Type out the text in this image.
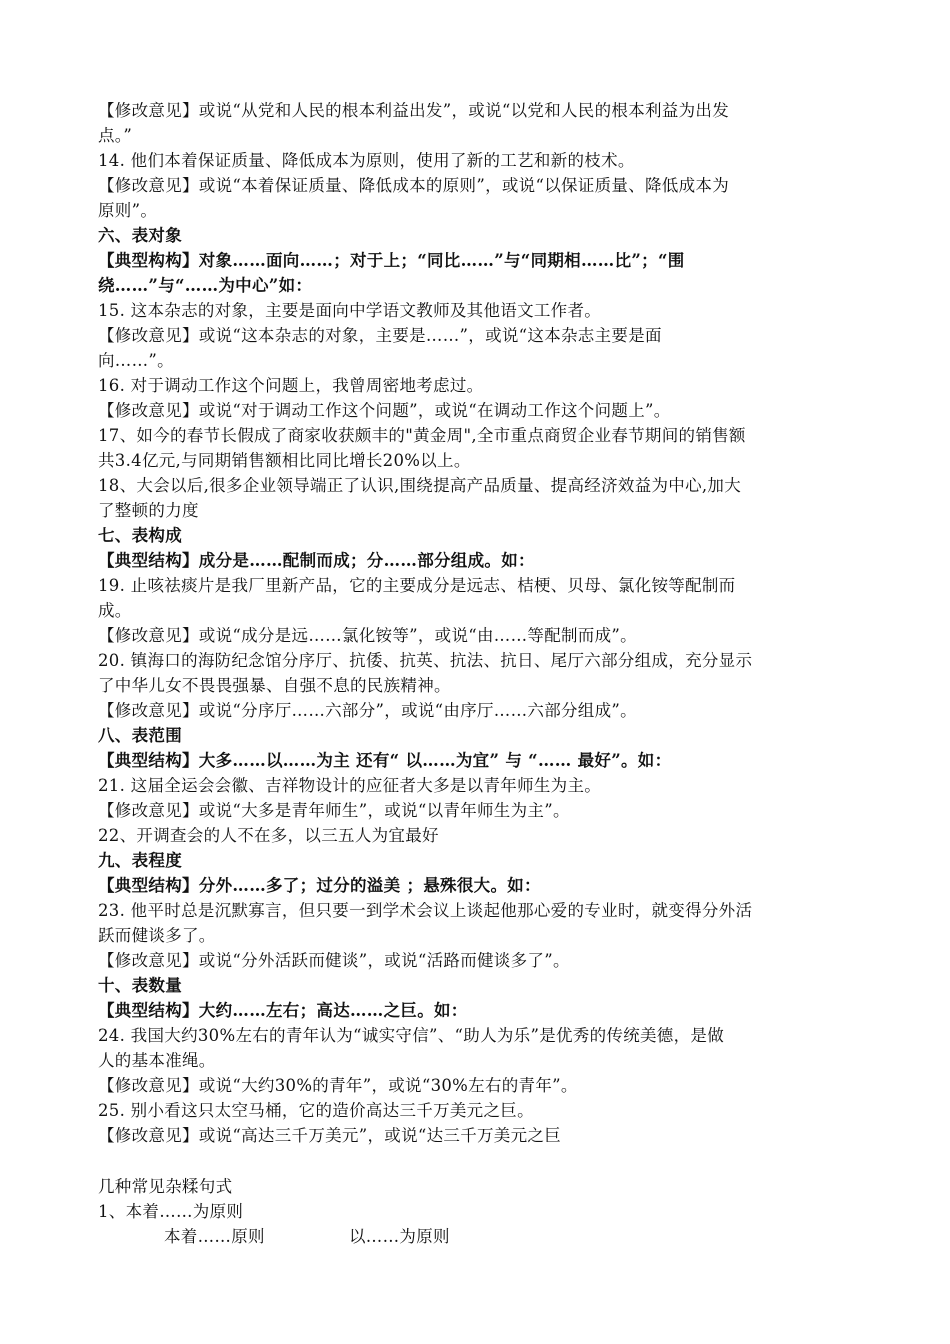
【修改意见】或说“从党和人民的根本利益出发”，或说“以党和人民的根本利益为出发
点。”
14. 他们本着保证质量、降低成本为原则，使用了新的工艺和新的枝术。
【修改意见】或说“本着保证质量、降低成本的原则”，或说“以保证质量、降低成本为
原则”。
六、表对象
【典型构构】对象……面向……；对于上；“同比……”与“同期相……比”；“围
绕……”与“……为中心”如：
15. 这本杂志的对象，主要是面向中学语文教师及其他语文工作者。
【修改意见】或说“这本杂志的对象，主要是……”，或说“这本杂志主要是面
向……”。
16. 对于调动工作这个问题上，我曾周密地考虑过。
【修改意见】或说“对于调动工作这个问题”，或说“在调动工作这个问题上”。
17、如今的春节长假成了商家收获颇丰的"黄金周",全市重点商贸企业春节期间的销售额
共3.4亿元,与同期销售额相比同比增长20%以上。
18、大会以后,很多企业领导端正了认识,围绕提高产品质量、提高经济效益为中心,加大
了整顿的力度
七、表构成
【典型结构】成分是……配制而成；分……部分组成。如：
19. 止咳祛痰片是我厂里新产品，它的主要成分是远志、桔梗、贝母、氯化铵等配制而
成。
【修改意见】或说“成分是远……氯化铵等”，或说“由……等配制而成”。
20. 镇海口的海防纪念馆分序厅、抗倭、抗英、抗法、抗日、尾厅六部分组成，充分显示
了中华儿女不畏畏强暴、自强不息的民族精神。
【修改意见】或说“分序厅……六部分”，或说“由序厅……六部分组成”。
八、表范围
【典型结构】大多……以……为主 还有“ 以……为宜” 与 “…… 最好”。如：
21. 这届全运会会徽、吉祥物设计的应征者大多是以青年师生为主。
【修改意见】或说“大多是青年师生”，或说“以青年师生为主”。
22、开调查会的人不在多，以三五人为宜最好
九、表程度
【典型结构】分外……多了；过分的溢美 ；悬殊很大。如：
23. 他平时总是沉默寡言，但只要一到学术会议上谈起他那心爱的专业时，就变得分外活
跃而健谈多了。
【修改意见】或说“分外活跃而健谈”，或说“活路而健谈多了”。
十、表数量
【典型结构】大约……左右；高达……之巨。如：
24. 我国大约30%左右的青年认为“诚实守信”、“助人为乐”是优秀的传统美德，是做
人的基本准绳。
【修改意见】或说“大约30%的青年”，或说“30%左右的青年”。
25. 别小看这只太空马桶，它的造价高达三千万美元之巨。
【修改意见】或说“高达三千万美元”，或说“达三千万美元之巨
几种常见杂糅句式
1、本着……为原则
本着……原则	以……为原则
